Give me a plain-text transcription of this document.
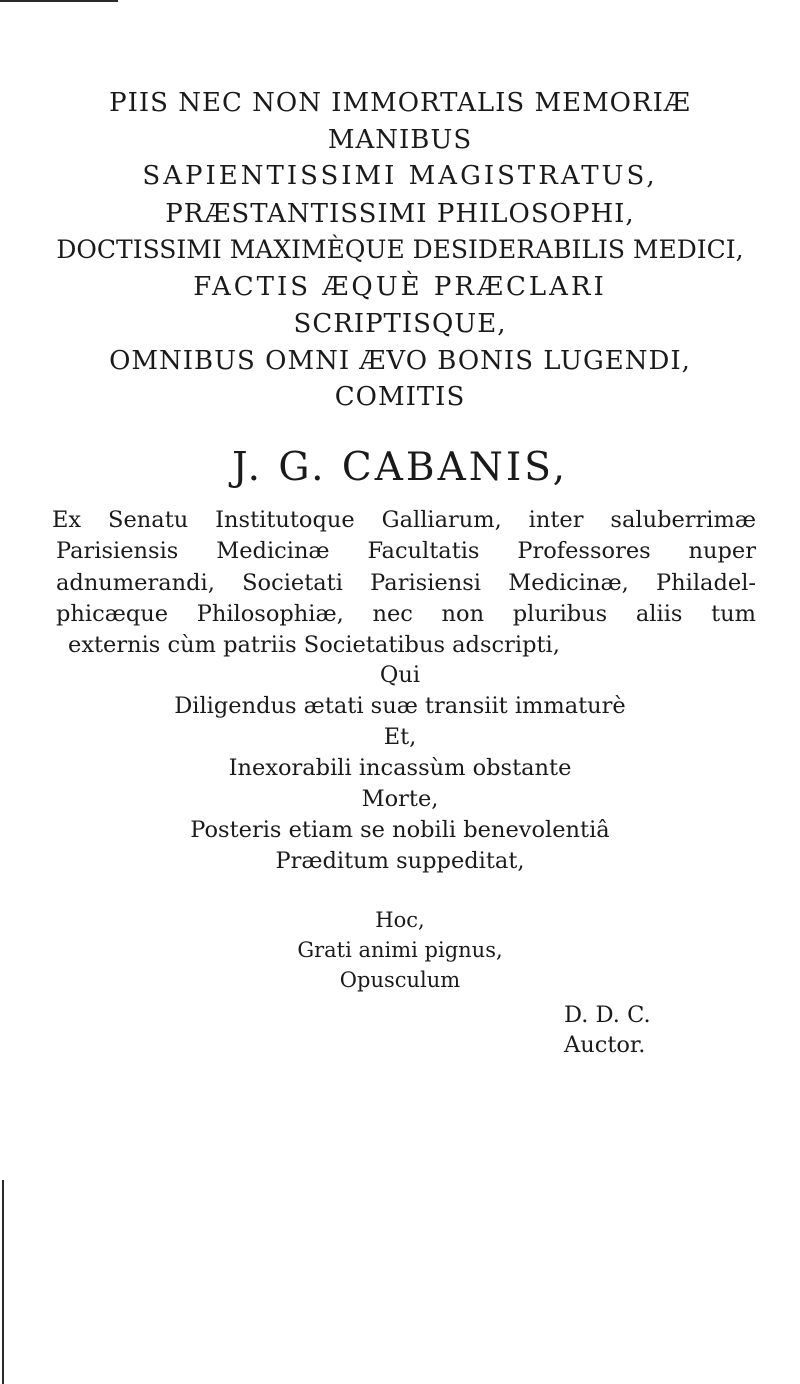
PIIS NEC NON IMMORTALIS MEMORIÆ
MANIBUS
SAPIENTISSIMI MAGISTRATUS,
PRÆSTANTISSIMI PHILOSOPHI,
DOCTISSIMI MAXIMÈQUE DESIDERABILIS MEDICI,
FACTIS ÆQUÈ PRÆCLARI
SCRIPTISQUE,
OMNIBUS OMNI ÆVO BONIS LUGENDI,
COMITIS
J. G. CABANIS,
Ex Senatu Institutoque Galliarum, inter saluberrimæ
Parisiensis Medicinæ Facultatis Professores nuper
adnumerandi, Societati Parisiensi Medicinæ, Philadel-
phicæque Philosophiæ, nec non pluribus aliis tum
externis cùm patriis Societatibus adscripti,
Qui
Diligendus ætati suæ transiit immaturè
Et,
Inexorabili incassùm obstante
Morte,
Posteris etiam se nobili benevolentiâ
Præditum suppeditat,
Hoc,
Grati animi pignus,
Opusculum
D. D. C.
Auctor.
